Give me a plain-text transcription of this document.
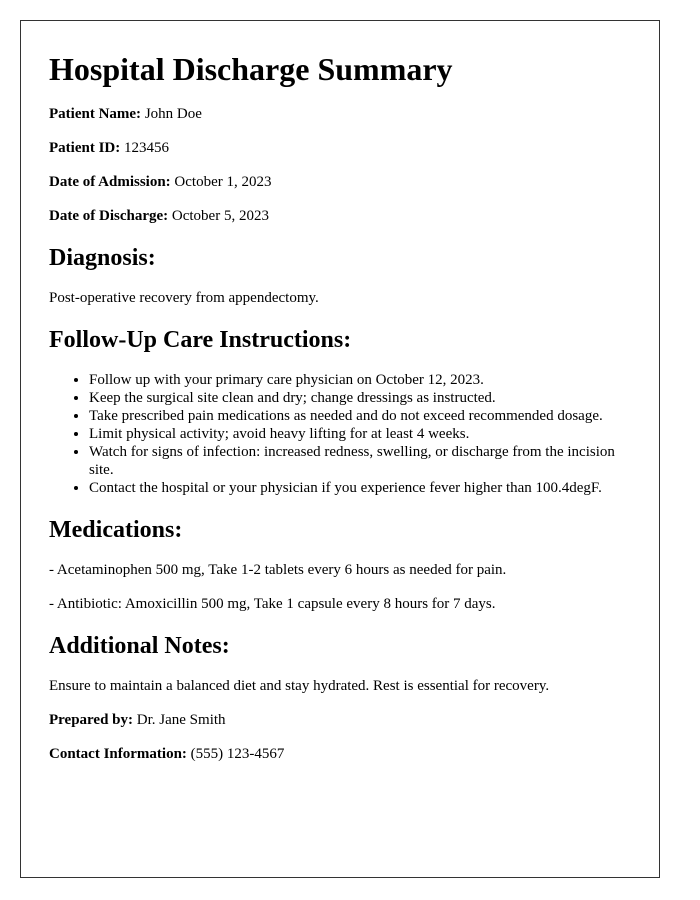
Hospital Discharge Summary
Patient Name: John Doe
Patient ID: 123456
Date of Admission: October 1, 2023
Date of Discharge: October 5, 2023
Diagnosis:

Post-operative recovery from appendectomy.

Follow-Up Care Instructions:
• Follow up with your primary care physician on October 12, 2023.
• Keep the surgical site clean and dry; change dressings as instructed.
• Take prescribed pain medications as needed and do not exceed recommended dosage.
• Limit physical activity; avoid heavy lifting for at least 4 weeks.
• Watch for signs of infection: increased redness, swelling, or discharge from the incision site.
• Contact the hospital or your physician if you experience fever higher than 100.4degF.
Medications:

- Acetaminophen 500 mg, Take 1-2 tablets every 6 hours as needed for pain.

- Antibiotic: Amoxicillin 500 mg, Take 1 capsule every 8 hours for 7 days.

Additional Notes:

Ensure to maintain a balanced diet and stay hydrated. Rest is essential for recovery.

Prepared by: Dr. Jane Smith
Contact Information: (555) 123-4567
